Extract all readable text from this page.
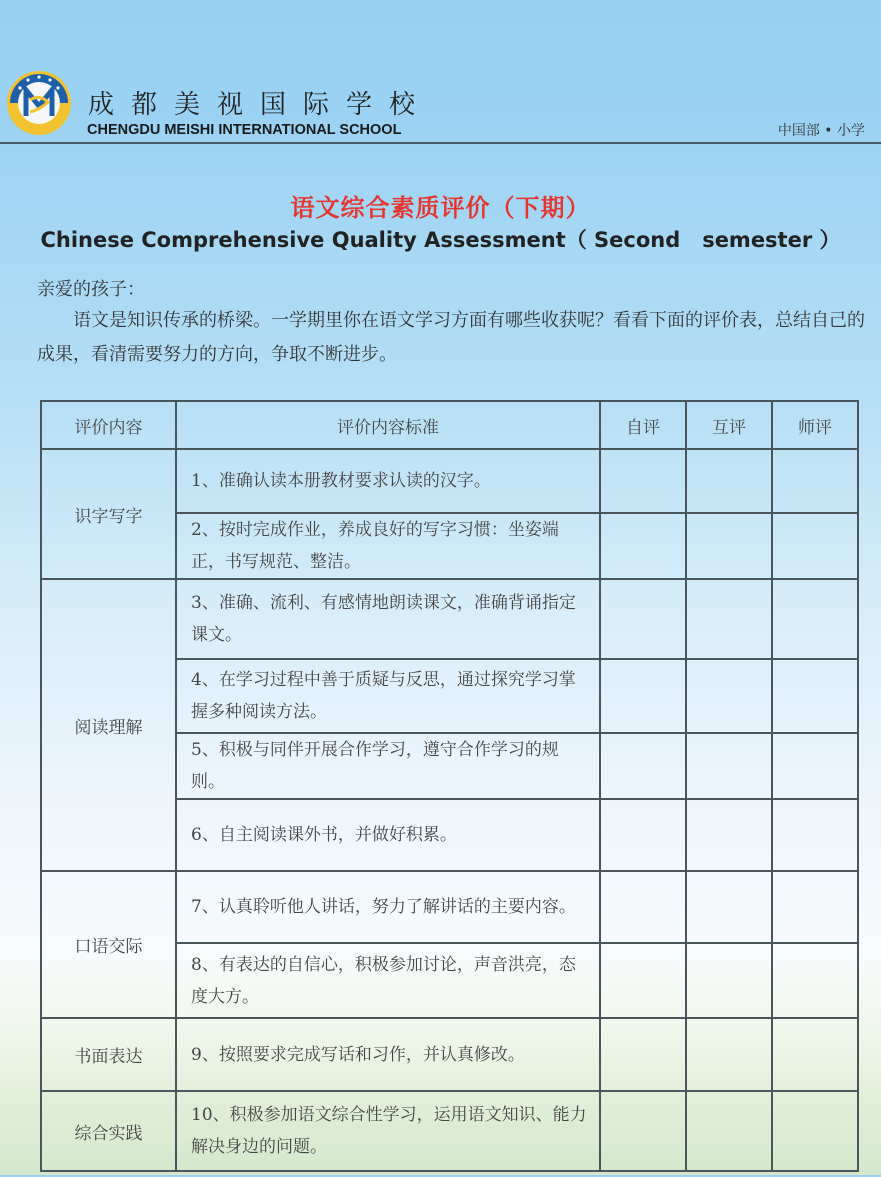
成都美视国际学校
CHENGDU MEISHI INTERNATIONAL SCHOOL	中国部 • 小学
语文综合素质评价（下期）
Chinese Comprehensive Quality Assessment（ Second   semester ）
亲爱的孩子：
语文是知识传承的桥梁。一学期里你在语文学习方面有哪些收获呢？看看下面的评价表，总结自己的成果，看清需要努力的方向，争取不断进步。
评价内容	评价内容标准	自评	互评	师评
识字写字	1、准确认读本册教材要求认读的汉字。			
	2、按时完成作业，养成良好的写字习惯：坐姿端正，书写规范、整洁。			
阅读理解	3、准确、流利、有感情地朗读课文，准确背诵指定课文。			
	4、在学习过程中善于质疑与反思，通过探究学习掌握多种阅读方法。			
	5、积极与同伴开展合作学习，遵守合作学习的规则。			
	6、自主阅读课外书，并做好积累。			
口语交际	7、认真聆听他人讲话，努力了解讲话的主要内容。			
	8、有表达的自信心，积极参加讨论，声音洪亮，态度大方。			
书面表达	9、按照要求完成写话和习作，并认真修改。			
综合实践	10、积极参加语文综合性学习，运用语文知识、能力解决身边的问题。			
